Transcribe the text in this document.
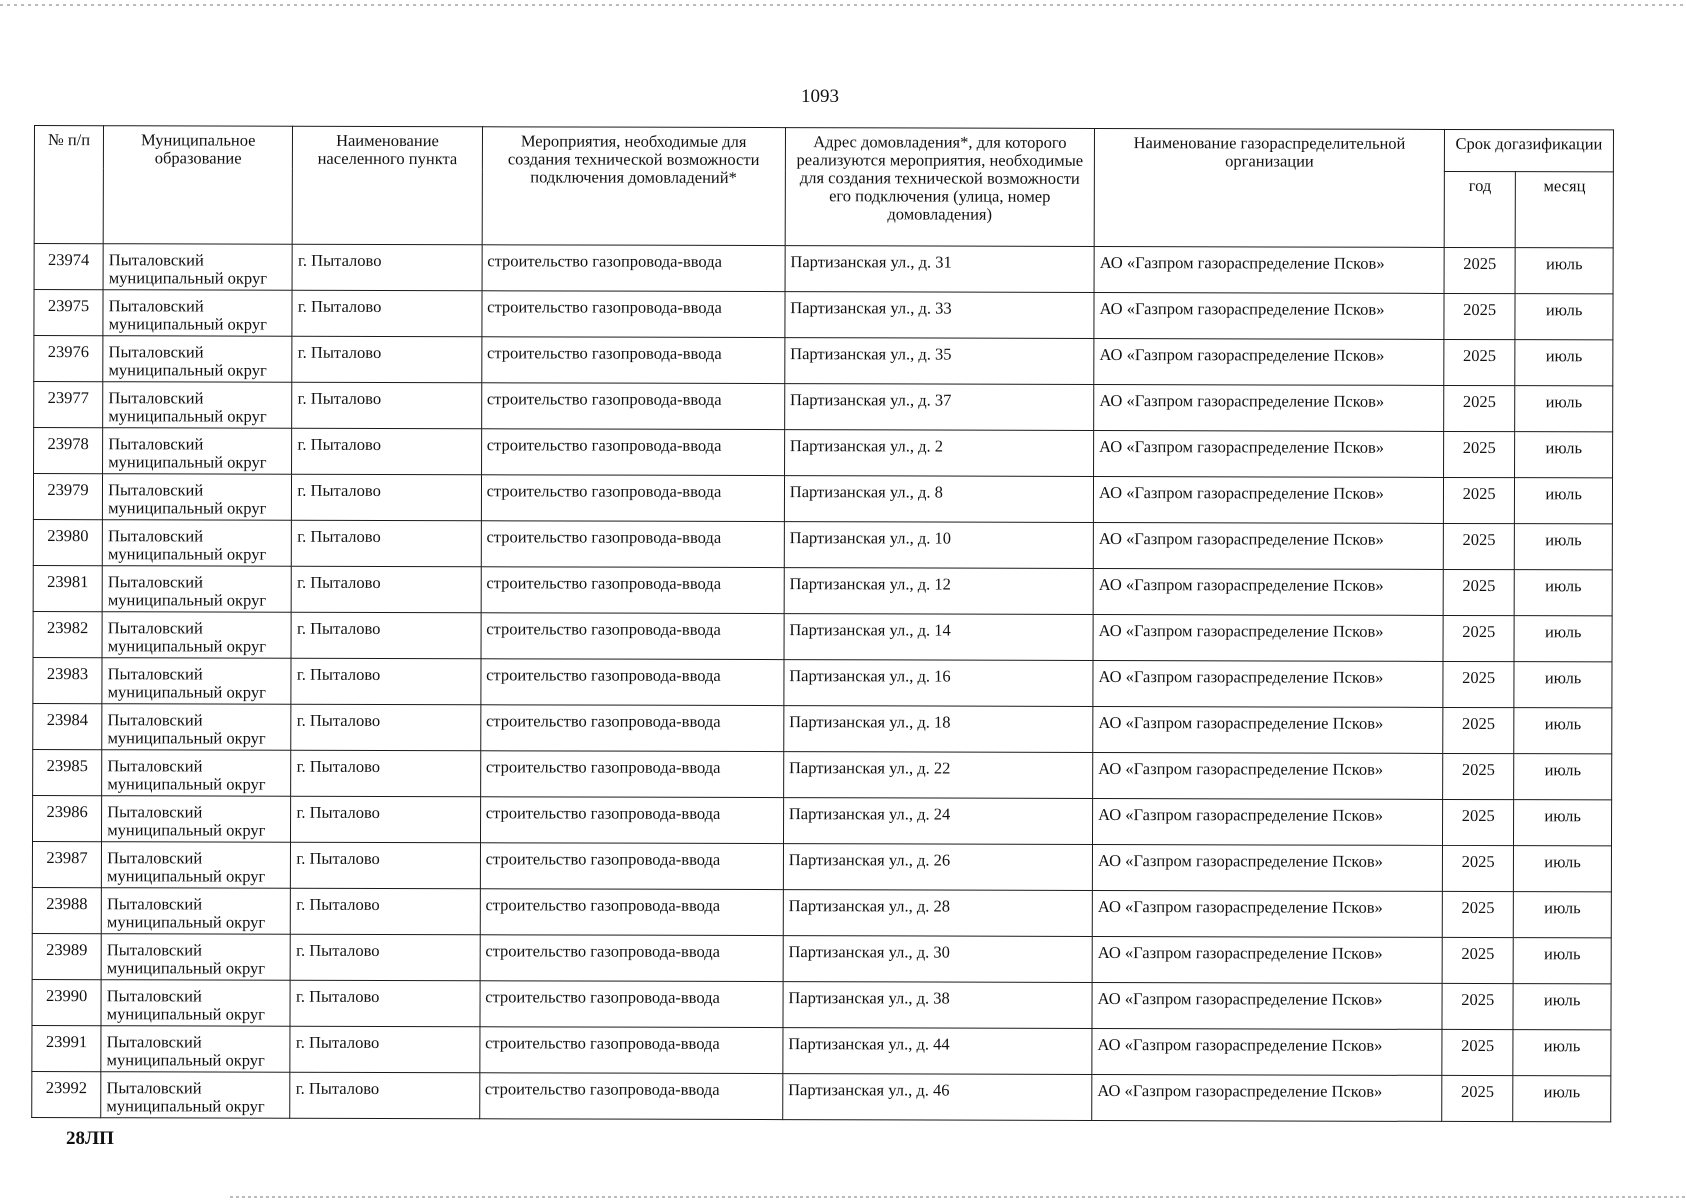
1093
№ п/п	Муниципальное образование	Наименование населенного пункта	Мероприятия, необходимые для создания технической возможности подключения домовладений*	Адрес домовладения*, для которого реализуются мероприятия, необходимые для создания технической возможности его подключения (улица, номер домовладения)	Наименование газораспределительной организации	Срок догазификации	
						год	месяц
23974	Пыталовский муниципальный округ	г. Пыталово	строительство газопровода-ввода	Партизанская ул., д. 31	АО «Газпром газораспределение Псков»	2025	июль
23975	Пыталовский муниципальный округ	г. Пыталово	строительство газопровода-ввода	Партизанская ул., д. 33	АО «Газпром газораспределение Псков»	2025	июль
23976	Пыталовский муниципальный округ	г. Пыталово	строительство газопровода-ввода	Партизанская ул., д. 35	АО «Газпром газораспределение Псков»	2025	июль
23977	Пыталовский муниципальный округ	г. Пыталово	строительство газопровода-ввода	Партизанская ул., д. 37	АО «Газпром газораспределение Псков»	2025	июль
23978	Пыталовский муниципальный округ	г. Пыталово	строительство газопровода-ввода	Партизанская ул., д. 2	АО «Газпром газораспределение Псков»	2025	июль
23979	Пыталовский муниципальный округ	г. Пыталово	строительство газопровода-ввода	Партизанская ул., д. 8	АО «Газпром газораспределение Псков»	2025	июль
23980	Пыталовский муниципальный округ	г. Пыталово	строительство газопровода-ввода	Партизанская ул., д. 10	АО «Газпром газораспределение Псков»	2025	июль
23981	Пыталовский муниципальный округ	г. Пыталово	строительство газопровода-ввода	Партизанская ул., д. 12	АО «Газпром газораспределение Псков»	2025	июль
23982	Пыталовский муниципальный округ	г. Пыталово	строительство газопровода-ввода	Партизанская ул., д. 14	АО «Газпром газораспределение Псков»	2025	июль
23983	Пыталовский муниципальный округ	г. Пыталово	строительство газопровода-ввода	Партизанская ул., д. 16	АО «Газпром газораспределение Псков»	2025	июль
23984	Пыталовский муниципальный округ	г. Пыталово	строительство газопровода-ввода	Партизанская ул., д. 18	АО «Газпром газораспределение Псков»	2025	июль
23985	Пыталовский муниципальный округ	г. Пыталово	строительство газопровода-ввода	Партизанская ул., д. 22	АО «Газпром газораспределение Псков»	2025	июль
23986	Пыталовский муниципальный округ	г. Пыталово	строительство газопровода-ввода	Партизанская ул., д. 24	АО «Газпром газораспределение Псков»	2025	июль
23987	Пыталовский муниципальный округ	г. Пыталово	строительство газопровода-ввода	Партизанская ул., д. 26	АО «Газпром газораспределение Псков»	2025	июль
23988	Пыталовский муниципальный округ	г. Пыталово	строительство газопровода-ввода	Партизанская ул., д. 28	АО «Газпром газораспределение Псков»	2025	июль
23989	Пыталовский муниципальный округ	г. Пыталово	строительство газопровода-ввода	Партизанская ул., д. 30	АО «Газпром газораспределение Псков»	2025	июль
23990	Пыталовский муниципальный округ	г. Пыталово	строительство газопровода-ввода	Партизанская ул., д. 38	АО «Газпром газораспределение Псков»	2025	июль
23991	Пыталовский муниципальный округ	г. Пыталово	строительство газопровода-ввода	Партизанская ул., д. 44	АО «Газпром газораспределение Псков»	2025	июль
23992	Пыталовский муниципальный округ	г. Пыталово	строительство газопровода-ввода	Партизанская ул., д. 46	АО «Газпром газораспределение Псков»	2025	июль
28ЛП
